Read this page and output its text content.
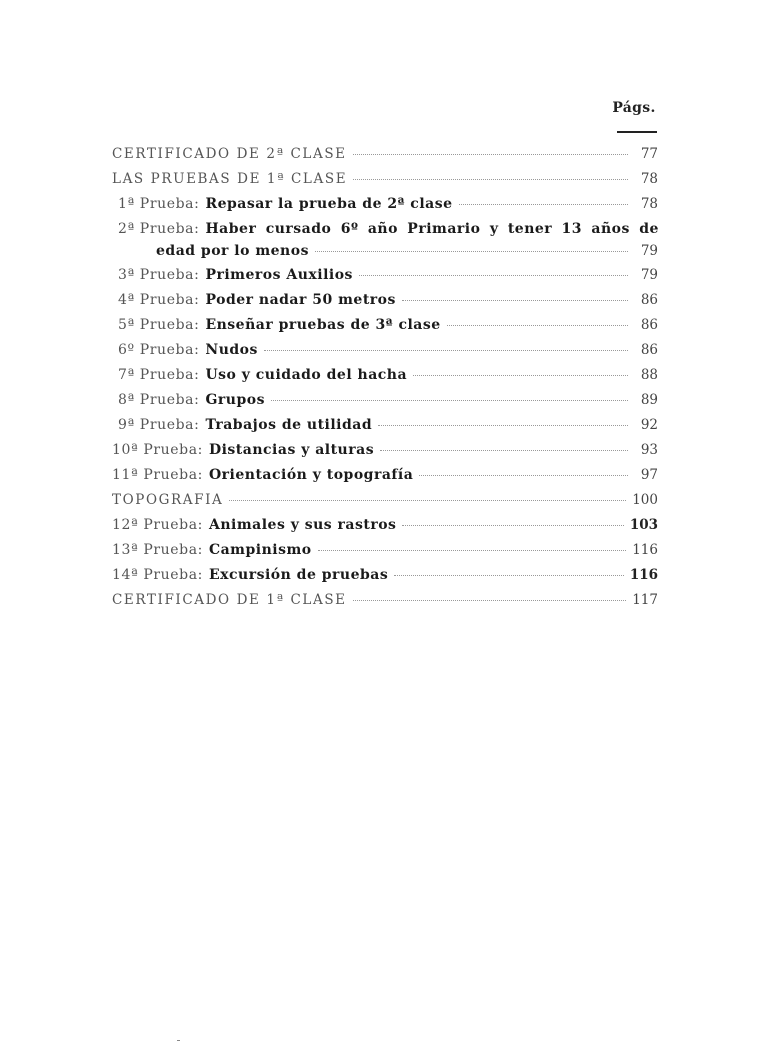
Págs.
CERTIFICADO DE 2ª CLASE	77
LAS PRUEBAS DE 1ª CLASE	78
1ª Prueba: Repasar la prueba de 2ª clase	78
2ª Prueba: Haber cursado 6º año Primario y tener 13 años de
edad por lo menos	79
3ª Prueba: Primeros Auxilios	79
4ª Prueba: Poder nadar 50 metros	86
5ª Prueba: Enseñar pruebas de 3ª clase	86
6º Prueba: Nudos	86
7ª Prueba: Uso y cuidado del hacha	88
8ª Prueba: Grupos	89
9ª Prueba: Trabajos de utilidad	92
10ª Prueba: Distancias y alturas	93
11ª Prueba: Orientación y topografía	97
TOPOGRAFIA	100
12ª Prueba: Animales y sus rastros	103
13ª Prueba: Campinismo	116
14ª Prueba: Excursión de pruebas	116
CERTIFICADO DE 1ª CLASE	117
